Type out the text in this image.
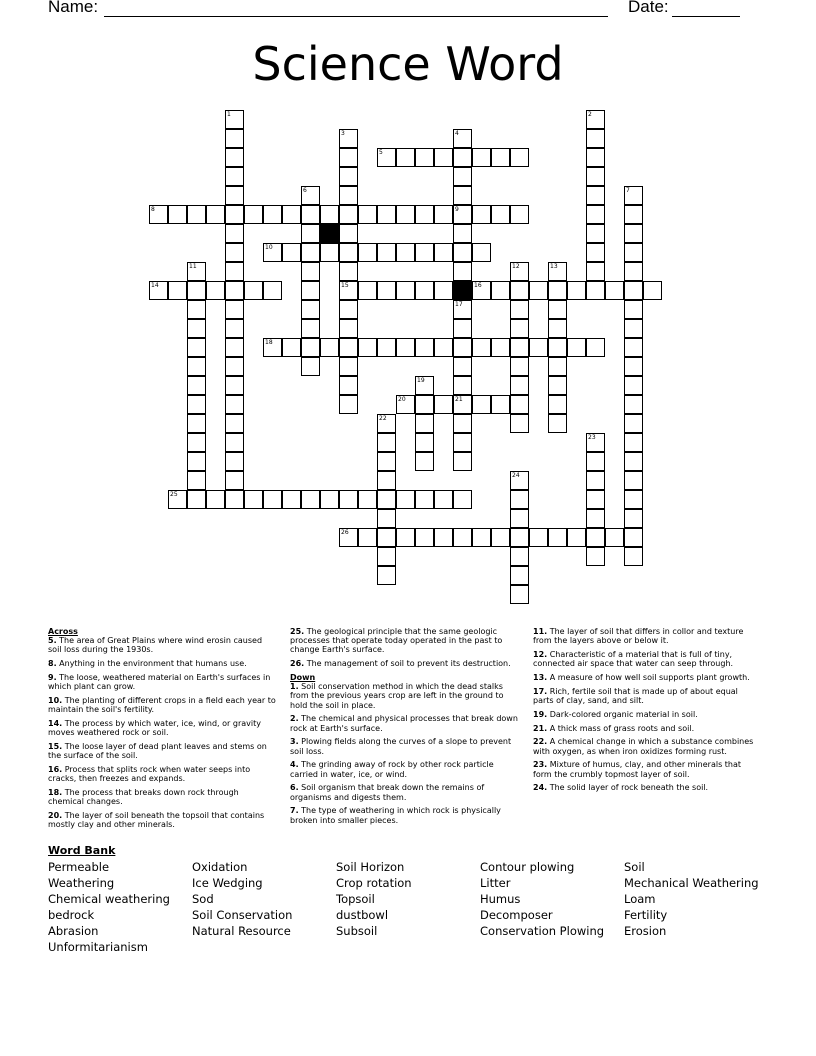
Name:	Date:
Science Word
1	2
3	4
5
6	7
8	9
10
11	12	13
14	15	16
17
18
19
20	21
22
23
24
25
26
Across
5. The area of Great Plains where wind erosin caused soil loss during the 1930s.
8. Anything in the environment that humans use.
9. The loose, weathered material on Earth's surfaces in which plant can grow.
10. The planting of different crops in a field each year to maintain the soil's fertility.
14. The process by which water, ice, wind, or gravity moves weathered rock or soil.
15. The loose layer of dead plant leaves and stems on the surface of the soil.
16. Process that splits rock when water seeps into cracks, then freezes and expands.
18. The process that breaks down rock through chemical changes.
20. The layer of soil beneath the topsoil that contains mostly clay and other minerals.
25. The geological principle that the same geologic processes that operate today operated in the past to change Earth's surface.
26. The management of soil to prevent its destruction.
Down
1. Soil conservation method in which the dead stalks from the previous years crop are left in the ground to hold the soil in place.
2. The chemical and physical processes that break down rock at Earth's surface.
3. Plowing fields along the curves of a slope to prevent soil loss.
4. The grinding away of rock by other rock particle carried in water, ice, or wind.
6. Soil organism that break down the remains of organisms and digests them.
7. The type of weathering in which rock is physically broken into smaller pieces.
11. The layer of soil that differs in collor and texture from the layers above or below it.
12. Characteristic of a material that is full of tiny, connected air space that water can seep through.
13. A measure of how well soil supports plant growth.
17. Rich, fertile soil that is made up of about equal parts of clay, sand, and silt.
19. Dark-colored organic material in soil.
21. A thick mass of grass roots and soil.
22. A chemical change in which a substance combines with oxygen, as when iron oxidizes forming rust.
23. Mixture of humus, clay, and other minerals that form the crumbly topmost layer of soil.
24. The solid layer of rock beneath the soil.
Word Bank
Permeable
Weathering
Chemical weathering
bedrock
Abrasion
Unformitarianism
Oxidation
Ice Wedging
Sod
Soil Conservation
Natural Resource
Soil Horizon
Crop rotation
Topsoil
dustbowl
Subsoil
Contour plowing
Litter
Humus
Decomposer
Conservation Plowing
Soil
Mechanical Weathering
Loam
Fertility
Erosion
